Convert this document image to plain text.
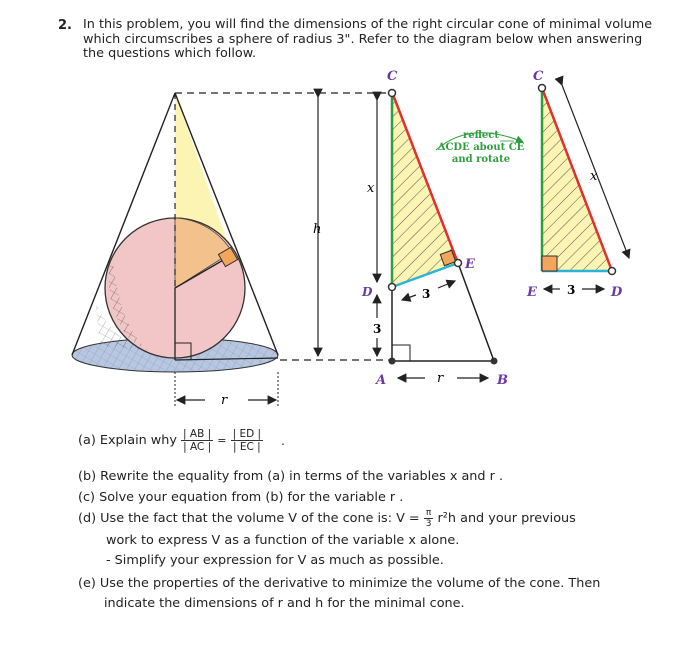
2. In this problem, you will find the dimensions of the right circular cone of minimal volume
which circumscribes a sphere of radius 3". Refer to the diagram below when answering
the questions which follow.
h
r
C
D
E
A	B
x
3
3
r
reflect
ΔCDE about CE
and rotate
C
E	D
x
3
(a) Explain why $\frac{| AB |}{| AC |} = \frac{| ED |}{| EC |}$ .
(b) Rewrite the equality from (a) in terms of the variables x and r .
(c) Solve your equation from (b) for the variable r .
(d) Use the fact that the volume V of the cone is: $V = \frac{\pi}{3} r^2h$ and your previous
work to express V as a function of the variable x alone.
- Simplify your expression for V as much as possible.
(e) Use the properties of the derivative to minimize the volume of the cone. Then
indicate the dimensions of r and h for the minimal cone.
